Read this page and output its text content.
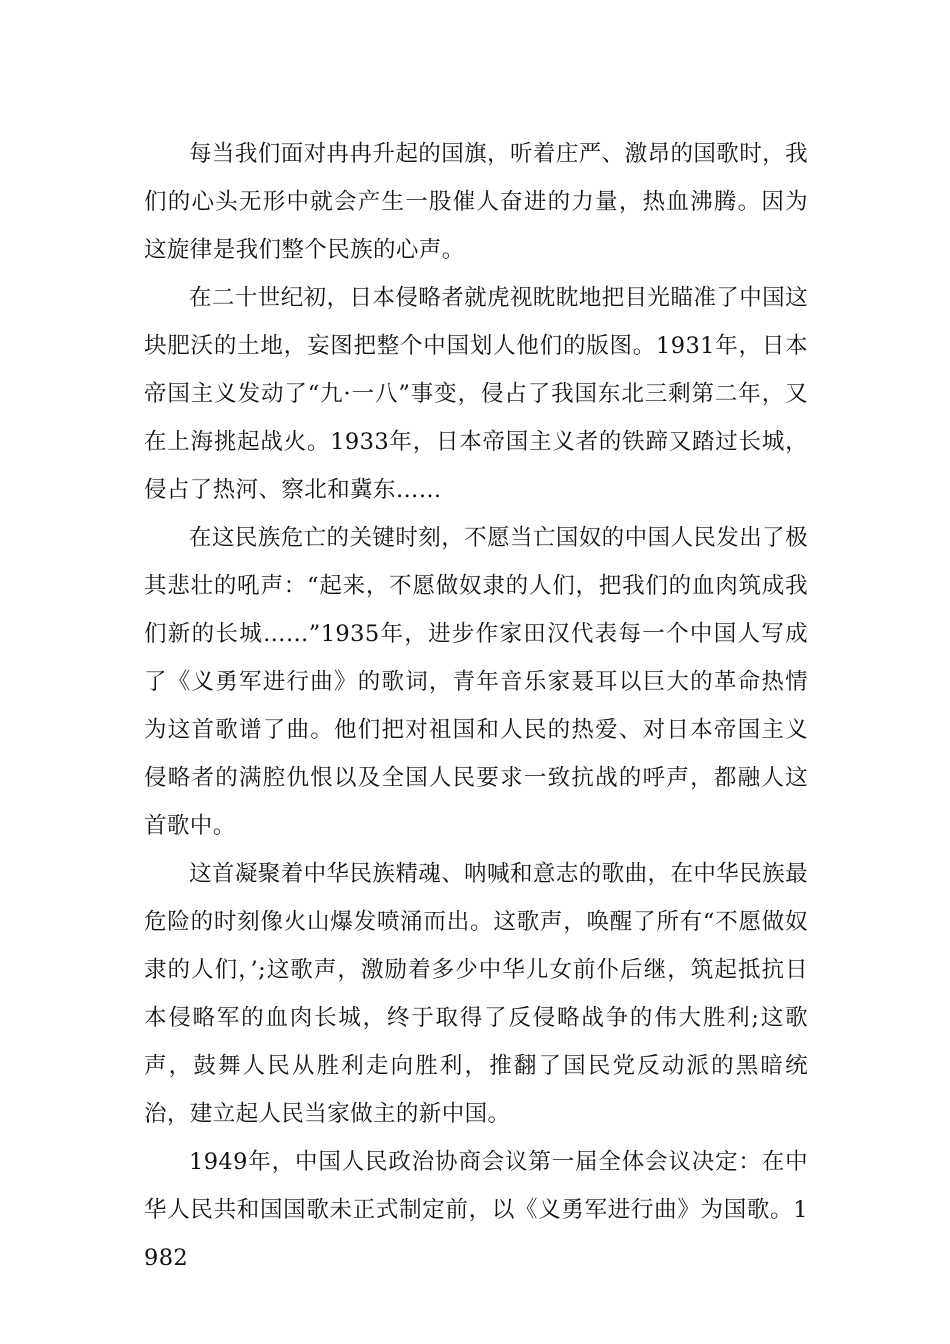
每当我们面对冉冉升起的国旗，听着庄严、激昂的国歌时，我们的心头无形中就会产生一股催人奋进的力量，热血沸腾。因为这旋律是我们整个民族的心声。

在二十世纪初，日本侵略者就虎视眈眈地把目光瞄准了中国这块肥沃的土地，妄图把整个中国划人他们的版图。1931年，日本帝国主义发动了“九·一八”事变，侵占了我国东北三剩第二年，又在上海挑起战火。1933年，日本帝国主义者的铁蹄又踏过长城，侵占了热河、察北和冀东……

在这民族危亡的关键时刻，不愿当亡国奴的中国人民发出了极其悲壮的吼声：“起来，不愿做奴隶的人们，把我们的血肉筑成我们新的长城……”1935年，进步作家田汉代表每一个中国人写成了《义勇军进行曲》的歌词，青年音乐家聂耳以巨大的革命热情为这首歌谱了曲。他们把对祖国和人民的热爱、对日本帝国主义侵略者的满腔仇恨以及全国人民要求一致抗战的呼声，都融人这首歌中。

这首凝聚着中华民族精魂、呐喊和意志的歌曲，在中华民族最危险的时刻像火山爆发喷涌而出。这歌声，唤醒了所有“不愿做奴隶的人们，’;这歌声，激励着多少中华儿女前仆后继，筑起抵抗日本侵略军的血肉长城，终于取得了反侵略战争的伟大胜利;这歌声，鼓舞人民从胜利走向胜利，推翻了国民党反动派的黑暗统治，建立起人民当家做主的新中国。

1949年，中国人民政治协商会议第一届全体会议决定：在中华人民共和国国歌未正式制定前，以《义勇军进行曲》为国歌。1982
